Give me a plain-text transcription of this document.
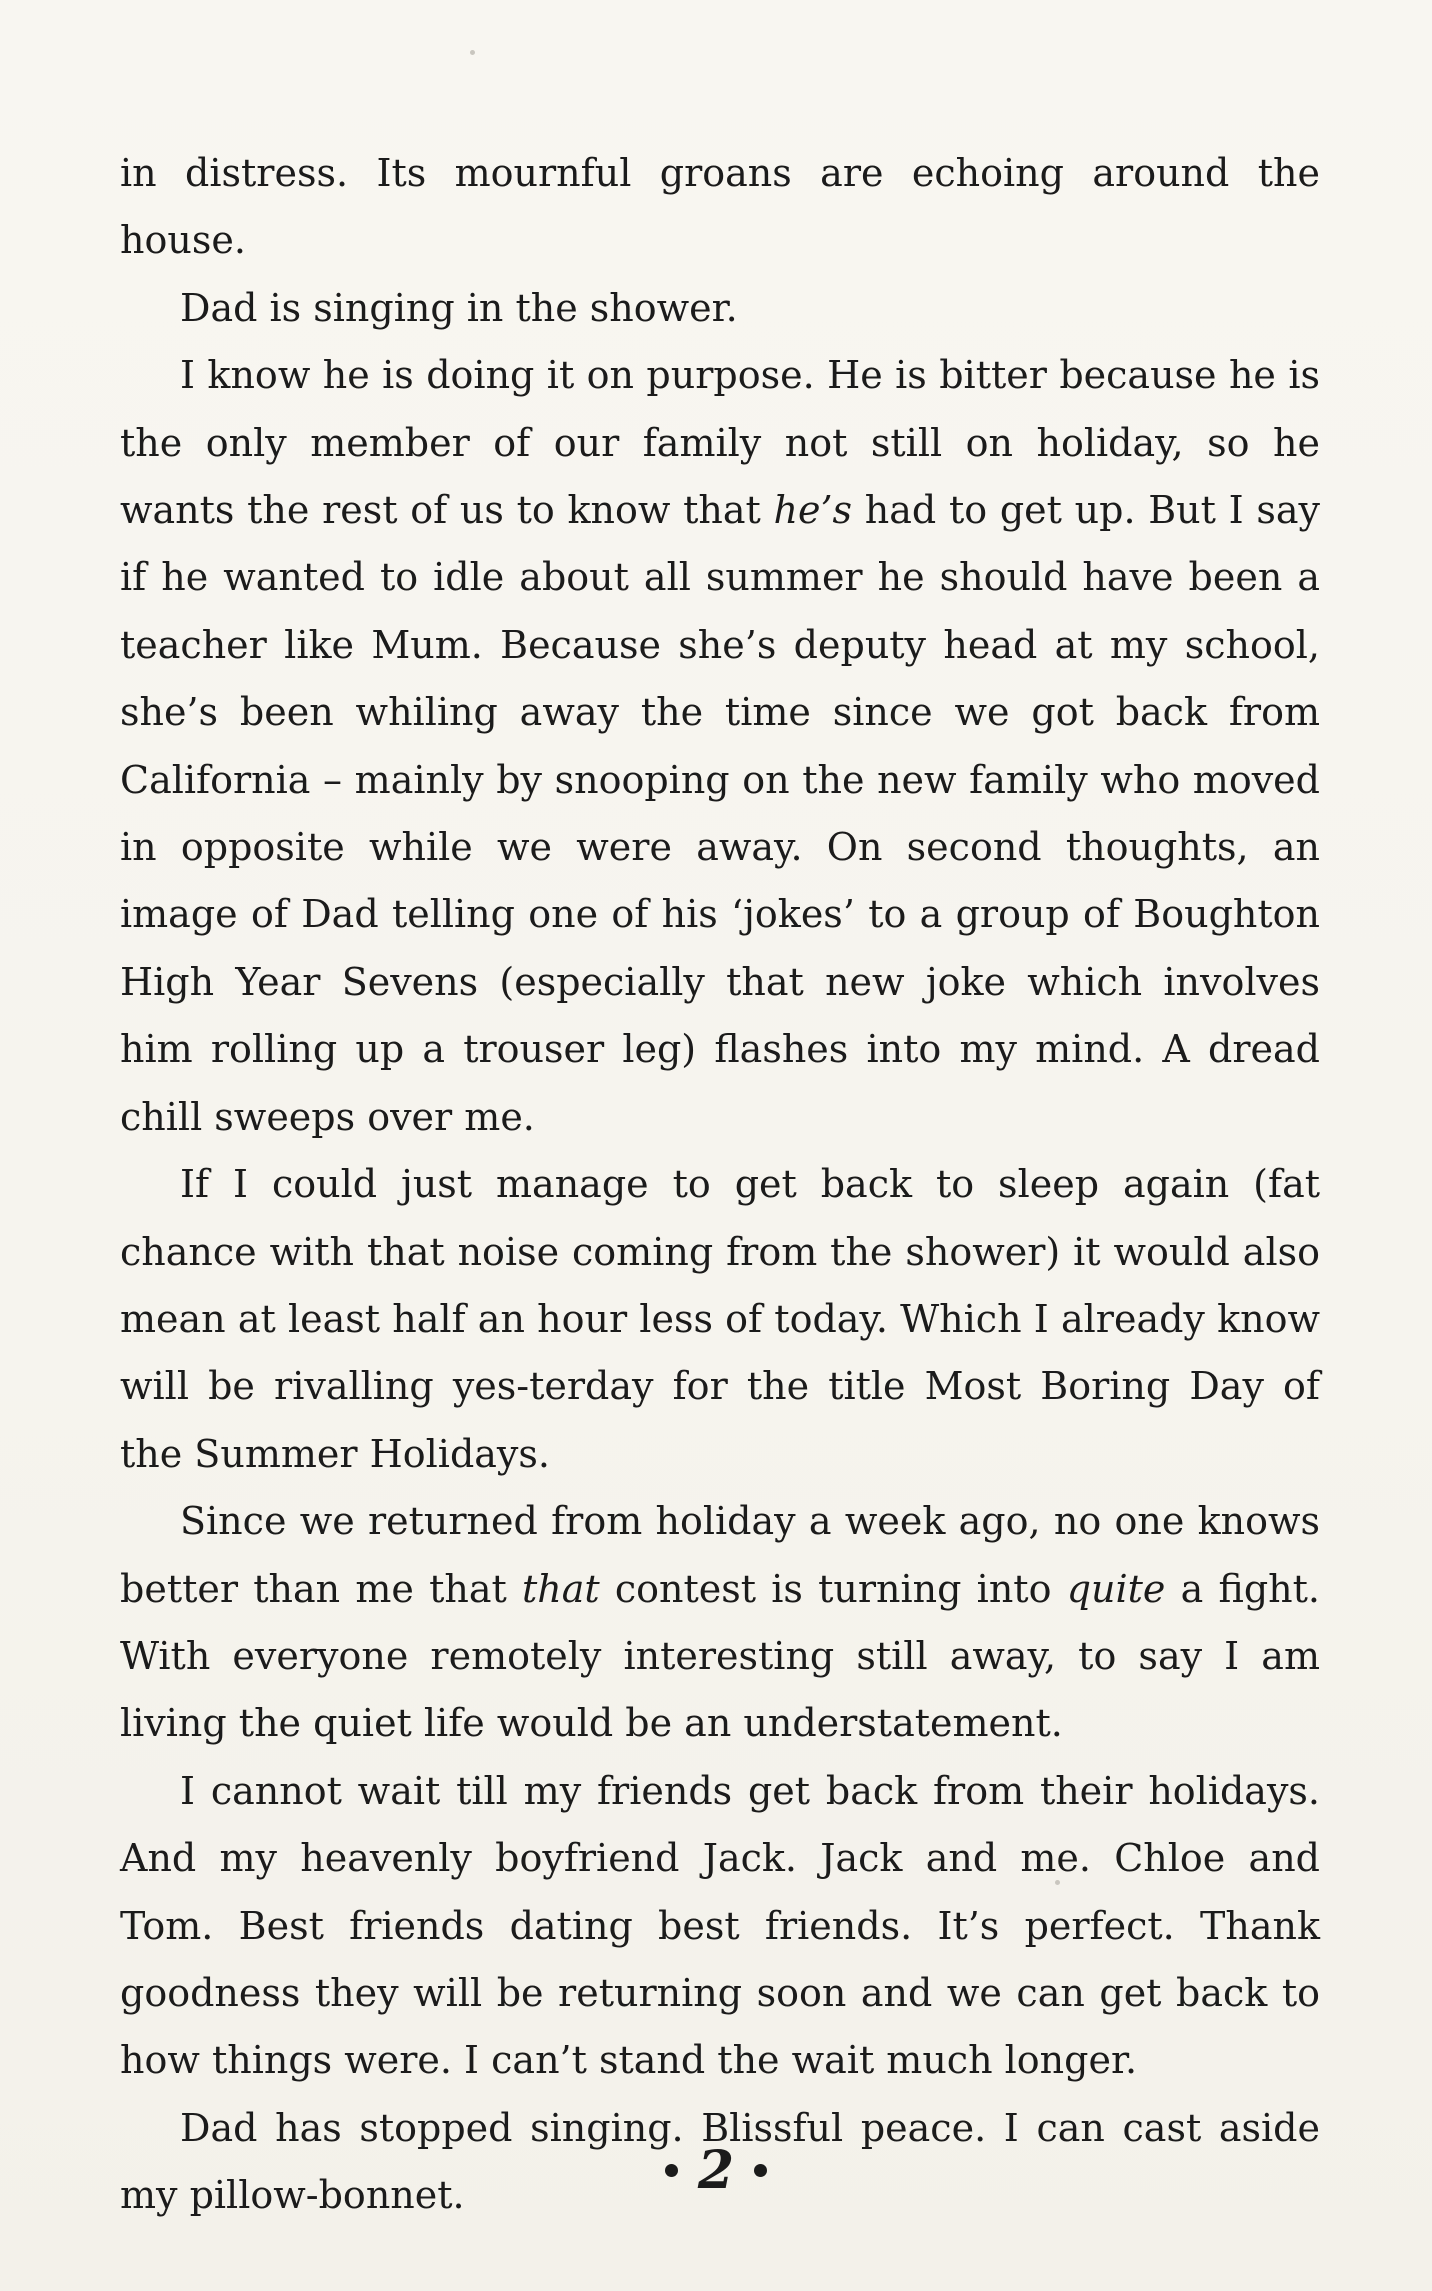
in distress. Its mournful groans are echoing around the house.

Dad is singing in the shower.

I know he is doing it on purpose. He is bitter because he is the only member of our family not still on holiday, so he wants the rest of us to know that he’s had to get up. But I say if he wanted to idle about all summer he should have been a teacher like Mum. Because she’s deputy head at my school, she’s been whiling away the time since we got back from California – mainly by snooping on the new family who moved in opposite while we were away. On second thoughts, an image of Dad telling one of his ‘jokes’ to a group of Boughton High Year Sevens (especially that new joke which involves him rolling up a trouser leg) flashes into my mind. A dread chill sweeps over me.

If I could just manage to get back to sleep again (fat chance with that noise coming from the shower) it would also mean at least half an hour less of today. Which I already know will be rivalling yes-terday for the title Most Boring Day of the Summer Holidays.

Since we returned from holiday a week ago, no one knows better than me that that contest is turning into quite a fight. With everyone remotely interesting still away, to say I am living the quiet life would be an understatement.

I cannot wait till my friends get back from their holidays. And my heavenly boyfriend Jack. Jack and me. Chloe and Tom. Best friends dating best friends. It’s perfect. Thank goodness they will be returning soon and we can get back to how things were. I can’t stand the wait much longer.

Dad has stopped singing. Blissful peace. I can cast aside my pillow-bonnet.	2
